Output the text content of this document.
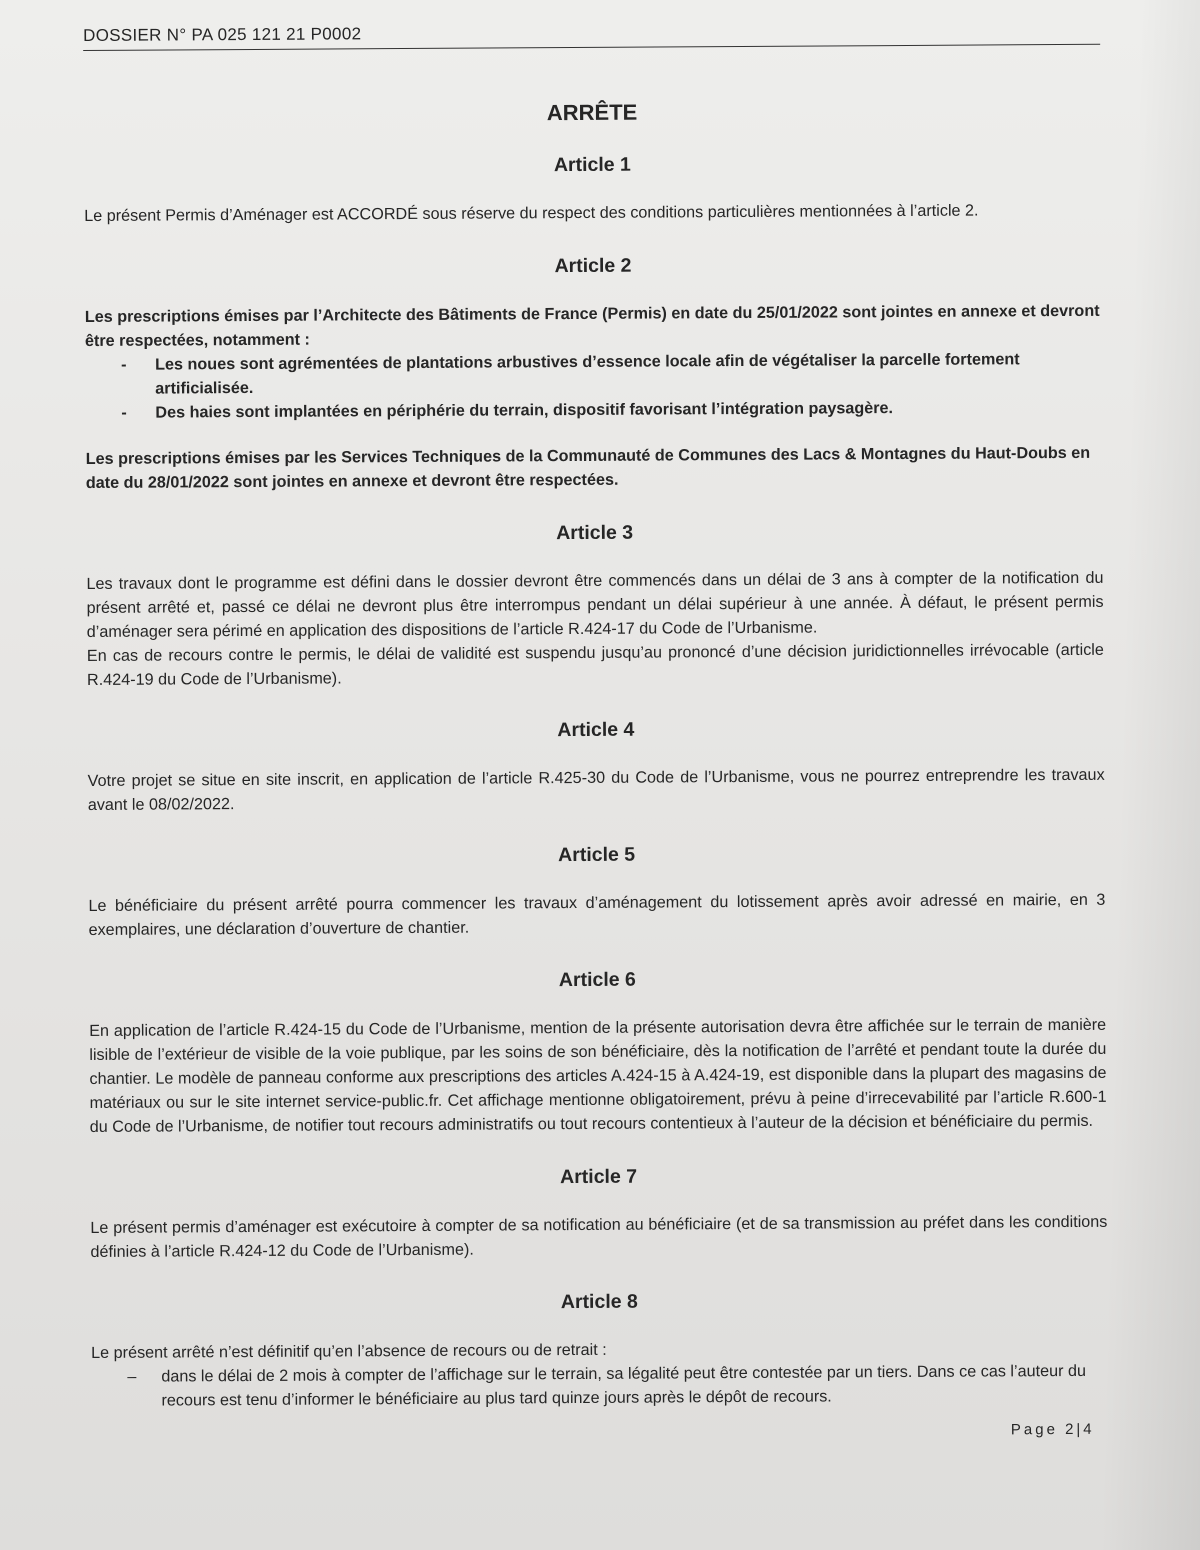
DOSSIER N° PA 025 121 21 P0002
ARRÊTE
Article 1

Le présent Permis d’Aménager est ACCORDÉ sous réserve du respect des conditions particulières mentionnées à l’article 2.

Article 2

Les prescriptions émises par l’Architecte des Bâtiments de France (Permis) en date du 25/01/2022 sont jointes en annexe et devront être respectées, notamment :

- Les noues sont agrémentées de plantations arbustives d’essence locale afin de végétaliser la parcelle fortement artificialisée.
- Des haies sont implantées en périphérie du terrain, dispositif favorisant l’intégration paysagère.

Les prescriptions émises par les Services Techniques de la Communauté de Communes des Lacs & Montagnes du Haut-Doubs en date du 28/01/2022 sont jointes en annexe et devront être respectées.

Article 3

Les travaux dont le programme est défini dans le dossier devront être commencés dans un délai de 3 ans à compter de la notification du présent arrêté et, passé ce délai ne devront plus être interrompus pendant un délai supérieur à une année. À défaut, le présent permis d’aménager sera périmé en application des dispositions de l’article R.424-17 du Code de l’Urbanisme.

En cas de recours contre le permis, le délai de validité est suspendu jusqu’au prononcé d’une décision juridictionnelles irrévocable (article R.424-19 du Code de l’Urbanisme).

Article 4

Votre projet se situe en site inscrit, en application de l’article R.425-30 du Code de l’Urbanisme, vous ne pourrez entreprendre les travaux avant le 08/02/2022.

Article 5

Le bénéficiaire du présent arrêté pourra commencer les travaux d’aménagement du lotissement après avoir adressé en mairie, en 3 exemplaires, une déclaration d’ouverture de chantier.

Article 6

En application de l’article R.424-15 du Code de l’Urbanisme, mention de la présente autorisation devra être affichée sur le terrain de manière lisible de l’extérieur de visible de la voie publique, par les soins de son bénéficiaire, dès la notification de l’arrêté et pendant toute la durée du chantier. Le modèle de panneau conforme aux prescriptions des articles A.424-15 à A.424-19, est disponible dans la plupart des magasins de matériaux ou sur le site internet service-public.fr. Cet affichage mentionne obligatoirement, prévu à peine d’irrecevabilité par l’article R.600-1 du Code de l’Urbanisme, de notifier tout recours administratifs ou tout recours contentieux à l’auteur de la décision et bénéficiaire du permis.

Article 7

Le présent permis d’aménager est exécutoire à compter de sa notification au bénéficiaire (et de sa transmission au préfet dans les conditions définies à l’article R.424-12 du Code de l’Urbanisme).

Article 8

Le présent arrêté n’est définitif qu’en l’absence de recours ou de retrait :

– dans le délai de 2 mois à compter de l’affichage sur le terrain, sa légalité peut être contestée par un tiers. Dans ce cas l’auteur du recours est tenu d’informer le bénéficiaire au plus tard quinze jours après le dépôt de recours.
Page 2|4
